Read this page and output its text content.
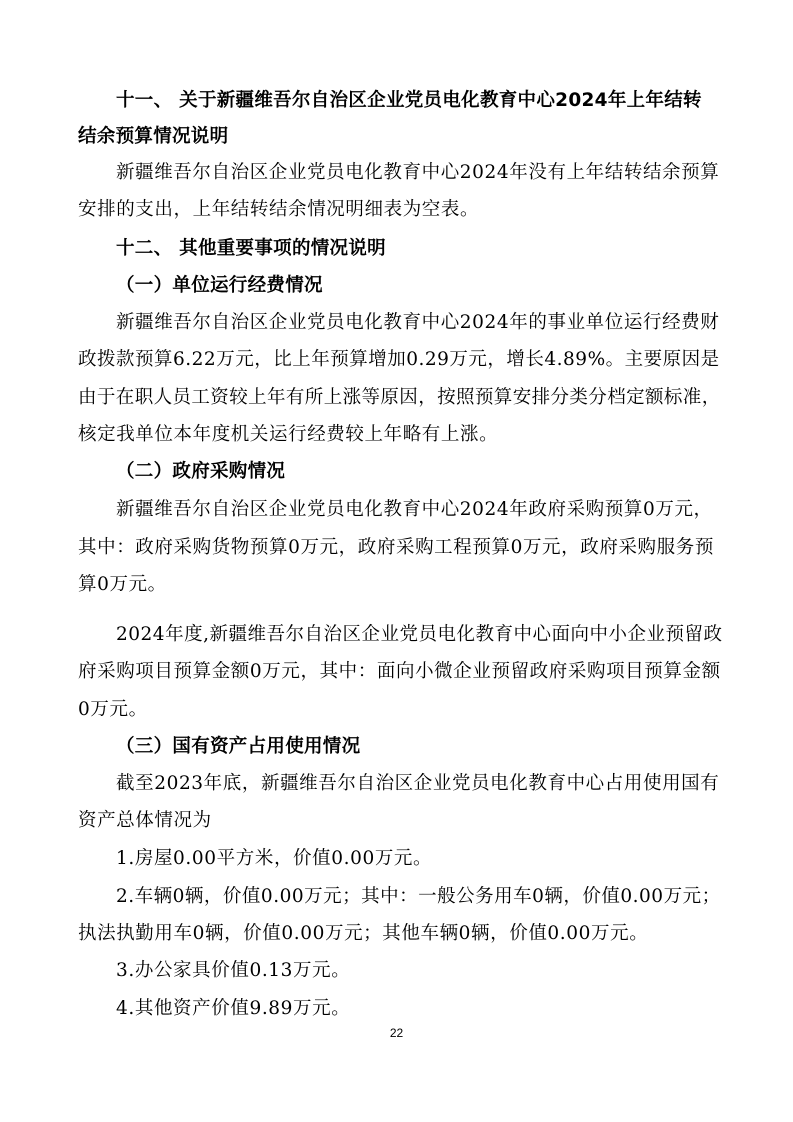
十一、 关于新疆维吾尔自治区企业党员电化教育中心2024年上年结转
结余预算情况说明
新疆维吾尔自治区企业党员电化教育中心2024年没有上年结转结余预算
安排的支出，上年结转结余情况明细表为空表。
十二、 其他重要事项的情况说明
（一）单位运行经费情况
新疆维吾尔自治区企业党员电化教育中心2024年的事业单位运行经费财
政拨款预算6.22万元，比上年预算增加0.29万元，增长4.89%。主要原因是
由于在职人员工资较上年有所上涨等原因，按照预算安排分类分档定额标准，
核定我单位本年度机关运行经费较上年略有上涨。
（二）政府采购情况
新疆维吾尔自治区企业党员电化教育中心2024年政府采购预算0万元，
其中：政府采购货物预算0万元，政府采购工程预算0万元，政府采购服务预
算0万元。
2024年度,新疆维吾尔自治区企业党员电化教育中心面向中小企业预留政
府采购项目预算金额0万元，其中：面向小微企业预留政府采购项目预算金额
0万元。
（三）国有资产占用使用情况
截至2023年底，新疆维吾尔自治区企业党员电化教育中心占用使用国有
资产总体情况为
1.房屋0.00平方米，价值0.00万元。
2.车辆0辆，价值0.00万元；其中：一般公务用车0辆，价值0.00万元；
执法执勤用车0辆，价值0.00万元；其他车辆0辆，价值0.00万元。
3.办公家具价值0.13万元。
4.其他资产价值9.89万元。
22
